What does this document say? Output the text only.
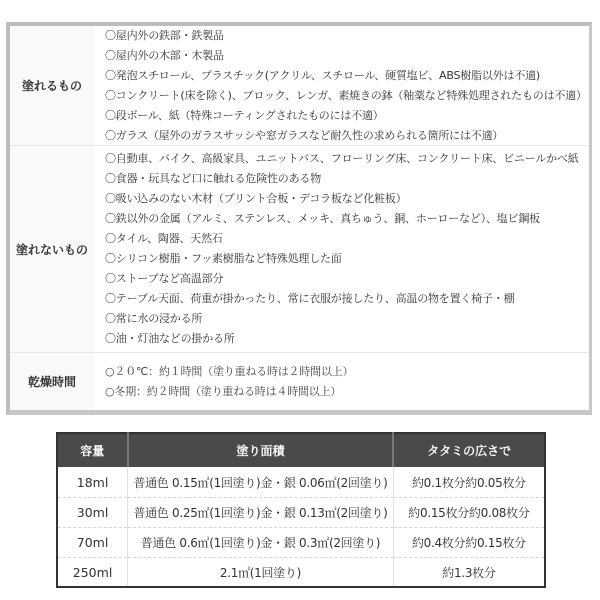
塗れるもの
〇屋内外の鉄部・鉄製品
〇屋内外の木部・木製品
〇発泡スチロール、プラスチック(アクリル、スチロール、硬質塩ビ、ABS樹脂以外は不適)
〇コンクリート(床を除く)、ブロック、レンガ、素焼きの鉢（釉薬など特殊処理されたものは不適）
〇段ボール、紙（特殊コーティングされたものには不適）
〇ガラス（屋外のガラスサッシや窓ガラスなど耐久性の求められる箇所には不適）
塗れないもの
〇自動車、バイク、高級家具、ユニットバス、フローリング床、コンクリート床、ビニールかべ紙
〇食器・玩具など口に触れる危険性のある物
〇吸い込みのない木材（プリント合板・デコラ板など化粧板）
〇鉄以外の金属（アルミ、ステンレス、メッキ、真ちゅう、銅、ホーローなど）、塩ビ鋼板
〇タイル、陶器、天然石
〇シリコン樹脂・フッ素樹脂など特殊処理した面
〇ストーブなど高温部分
〇テーブル天面、荷重が掛かったり、常に衣服が接したり、高温の物を置く椅子・棚
〇常に水の浸かる所
〇油・灯油などの掛かる所
乾燥時間
○２０℃：約１時間（塗り重ねる時は２時間以上）
○冬期：約２時間（塗り重ねる時は４時間以上）
容量	塗り面積	タタミの広さで
18ml	普通色 0.15㎡(1回塗り)金・銀 0.06㎡(2回塗り)	約0.1枚分約0.05枚分
30ml	普通色 0.25㎡(1回塗り)金・銀 0.13㎡(2回塗り)	約0.15枚分約0.08枚分
70ml	普通色 0.6㎡(1回塗り)金・銀 0.3㎡(2回塗り)	約0.4枚分約0.15枚分
250ml	2.1㎡(1回塗り)	約1.3枚分
